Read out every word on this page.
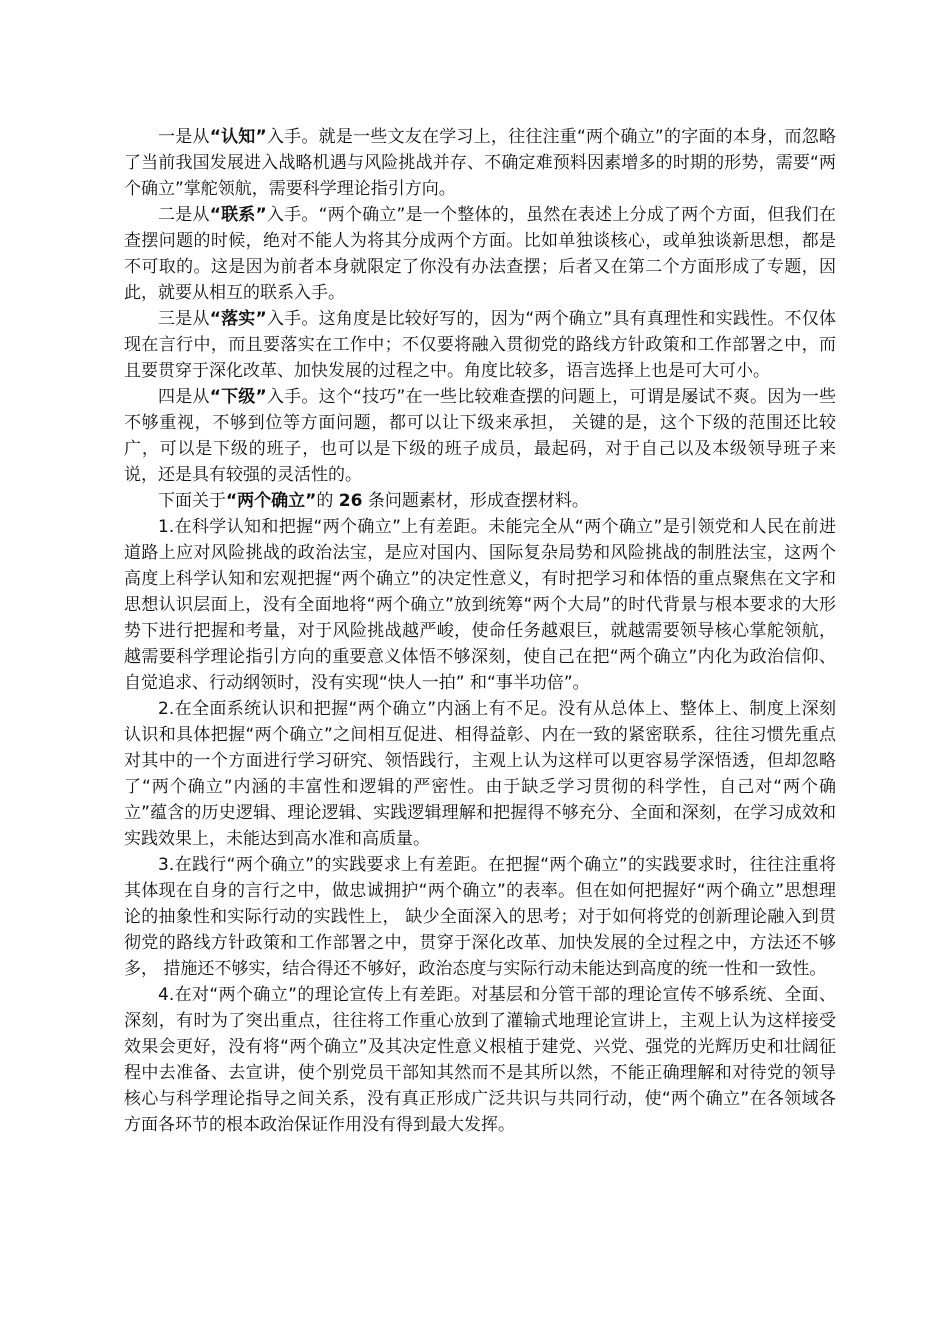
一是从“认知”入手。就是一些文友在学习上，往往注重“两个确立”的字面的本身，而忽略了当前我国发展进入战略机遇与风险挑战并存、不确定难预料因素增多的时期的形势，需要“两个确立”掌舵领航，需要科学理论指引方向。

二是从“联系”入手。“两个确立”是一个整体的，虽然在表述上分成了两个方面，但我们在查摆问题的时候，绝对不能人为将其分成两个方面。比如单独谈核心，或单独谈新思想，都是不可取的。这是因为前者本身就限定了你没有办法查摆；后者又在第二个方面形成了专题，因此，就要从相互的联系入手。

三是从“落实”入手。这角度是比较好写的，因为“两个确立”具有真理性和实践性。不仅体现在言行中，而且要落实在工作中；不仅要将融入贯彻党的路线方针政策和工作部署之中，而且要贯穿于深化改革、加快发展的过程之中。角度比较多，语言选择上也是可大可小。

四是从“下级”入手。这个“技巧”在一些比较难查摆的问题上，可谓是屡试不爽。因为一些不够重视，不够到位等方面问题，都可以让下级来承担， 关键的是，这个下级的范围还比较广，可以是下级的班子，也可以是下级的班子成员，最起码，对于自己以及本级领导班子来说，还是具有较强的灵活性的。

下面关于“两个确立”的 26 条问题素材，形成查摆材料。

1.在科学认知和把握“两个确立”上有差距。未能完全从“两个确立”是引领党和人民在前进道路上应对风险挑战的政治法宝，是应对国内、国际复杂局势和风险挑战的制胜法宝，这两个高度上科学认知和宏观把握“两个确立”的决定性意义，有时把学习和体悟的重点聚焦在文字和思想认识层面上，没有全面地将“两个确立”放到统筹“两个大局”的时代背景与根本要求的大形势下进行把握和考量，对于风险挑战越严峻，使命任务越艰巨，就越需要领导核心掌舵领航，越需要科学理论指引方向的重要意义体悟不够深刻，使自己在把“两个确立”内化为政治信仰、自觉追求、行动纲领时，没有实现“快人一拍” 和“事半功倍”。

2.在全面系统认识和把握“两个确立”内涵上有不足。没有从总体上、整体上、制度上深刻认识和具体把握“两个确立”之间相互促进、相得益彰、内在一致的紧密联系，往往习惯先重点对其中的一个方面进行学习研究、领悟践行，主观上认为这样可以更容易学深悟透，但却忽略了“两个确立”内涵的丰富性和逻辑的严密性。由于缺乏学习贯彻的科学性，自己对“两个确立”蕴含的历史逻辑、理论逻辑、实践逻辑理解和把握得不够充分、全面和深刻，在学习成效和实践效果上，未能达到高水准和高质量。

3.在践行“两个确立”的实践要求上有差距。在把握“两个确立”的实践要求时，往往注重将其体现在自身的言行之中，做忠诚拥护“两个确立”的表率。但在如何把握好“两个确立”思想理论的抽象性和实际行动的实践性上， 缺少全面深入的思考；对于如何将党的创新理论融入到贯彻党的路线方针政策和工作部署之中，贯穿于深化改革、加快发展的全过程之中，方法还不够多， 措施还不够实，结合得还不够好，政治态度与实际行动未能达到高度的统一性和一致性。

4.在对“两个确立”的理论宣传上有差距。对基层和分管干部的理论宣传不够系统、全面、深刻，有时为了突出重点，往往将工作重心放到了灌输式地理论宣讲上，主观上认为这样接受效果会更好，没有将“两个确立”及其决定性意义根植于建党、兴党、强党的光辉历史和壮阔征程中去准备、去宣讲，使个别党员干部知其然而不是其所以然，不能正确理解和对待党的领导核心与科学理论指导之间关系，没有真正形成广泛共识与共同行动，使“两个确立”在各领域各方面各环节的根本政治保证作用没有得到最大发挥。
